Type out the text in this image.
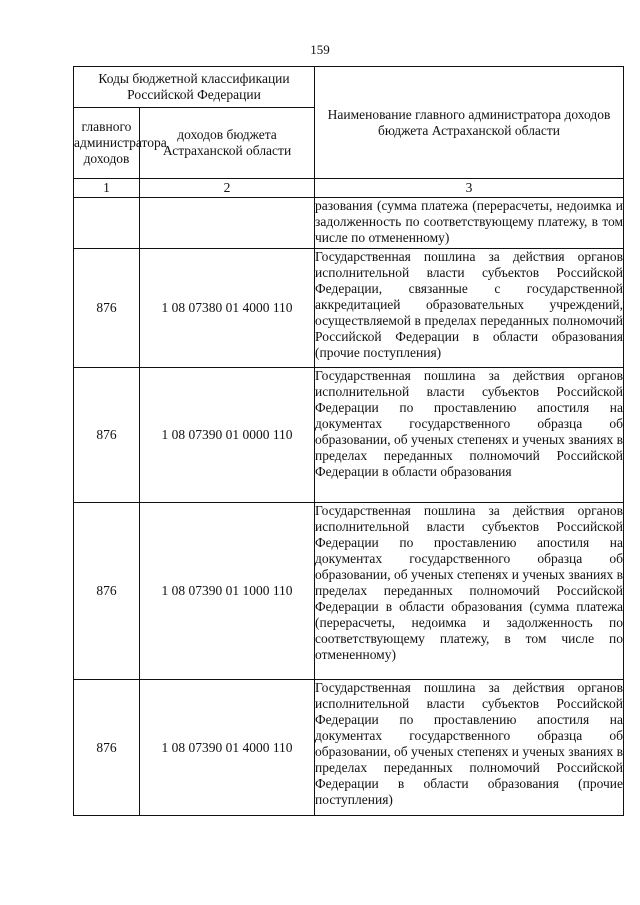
159
Коды бюджетной классификации Российской Федерации		Наименование главного администратора доходов бюджета Астраханской области
главного администратора доходов	доходов бюджета Астраханской области	
1	2	3
		разования (сумма платежа (перерасчеты, недоимка и задолженность по соответствующему платежу, в том числе по отмененному)
876	1 08 07380 01 4000 110	Государственная пошлина за действия органов исполнительной власти субъектов Российской Федерации, связанные с государственной аккредитацией образовательных учреждений, осуществляемой в пределах переданных полномочий Российской Федерации в области образования (прочие поступления)
876	1 08 07390 01 0000 110	Государственная пошлина за действия органов исполнительной власти субъектов Российской Федерации по проставлению апостиля на документах государственного образца об образовании, об ученых степенях и ученых званиях в пределах переданных полномочий Российской Федерации в области образования
876	1 08 07390 01 1000 110	Государственная пошлина за действия органов исполнительной власти субъектов Российской Федерации по проставлению апостиля на документах государственного образца об образовании, об ученых степенях и ученых званиях в пределах переданных полномочий Российской Федерации в области образования (сумма платежа (перерасчеты, недоимка и задолженность по соответствующему платежу, в том числе по отмененному)
876	1 08 07390 01 4000 110	Государственная пошлина за действия органов исполнительной власти субъектов Российской Федерации по проставлению апостиля на документах государственного образца об образовании, об ученых степенях и ученых званиях в пределах переданных полномочий Российской Федерации в области образования (прочие поступления)
